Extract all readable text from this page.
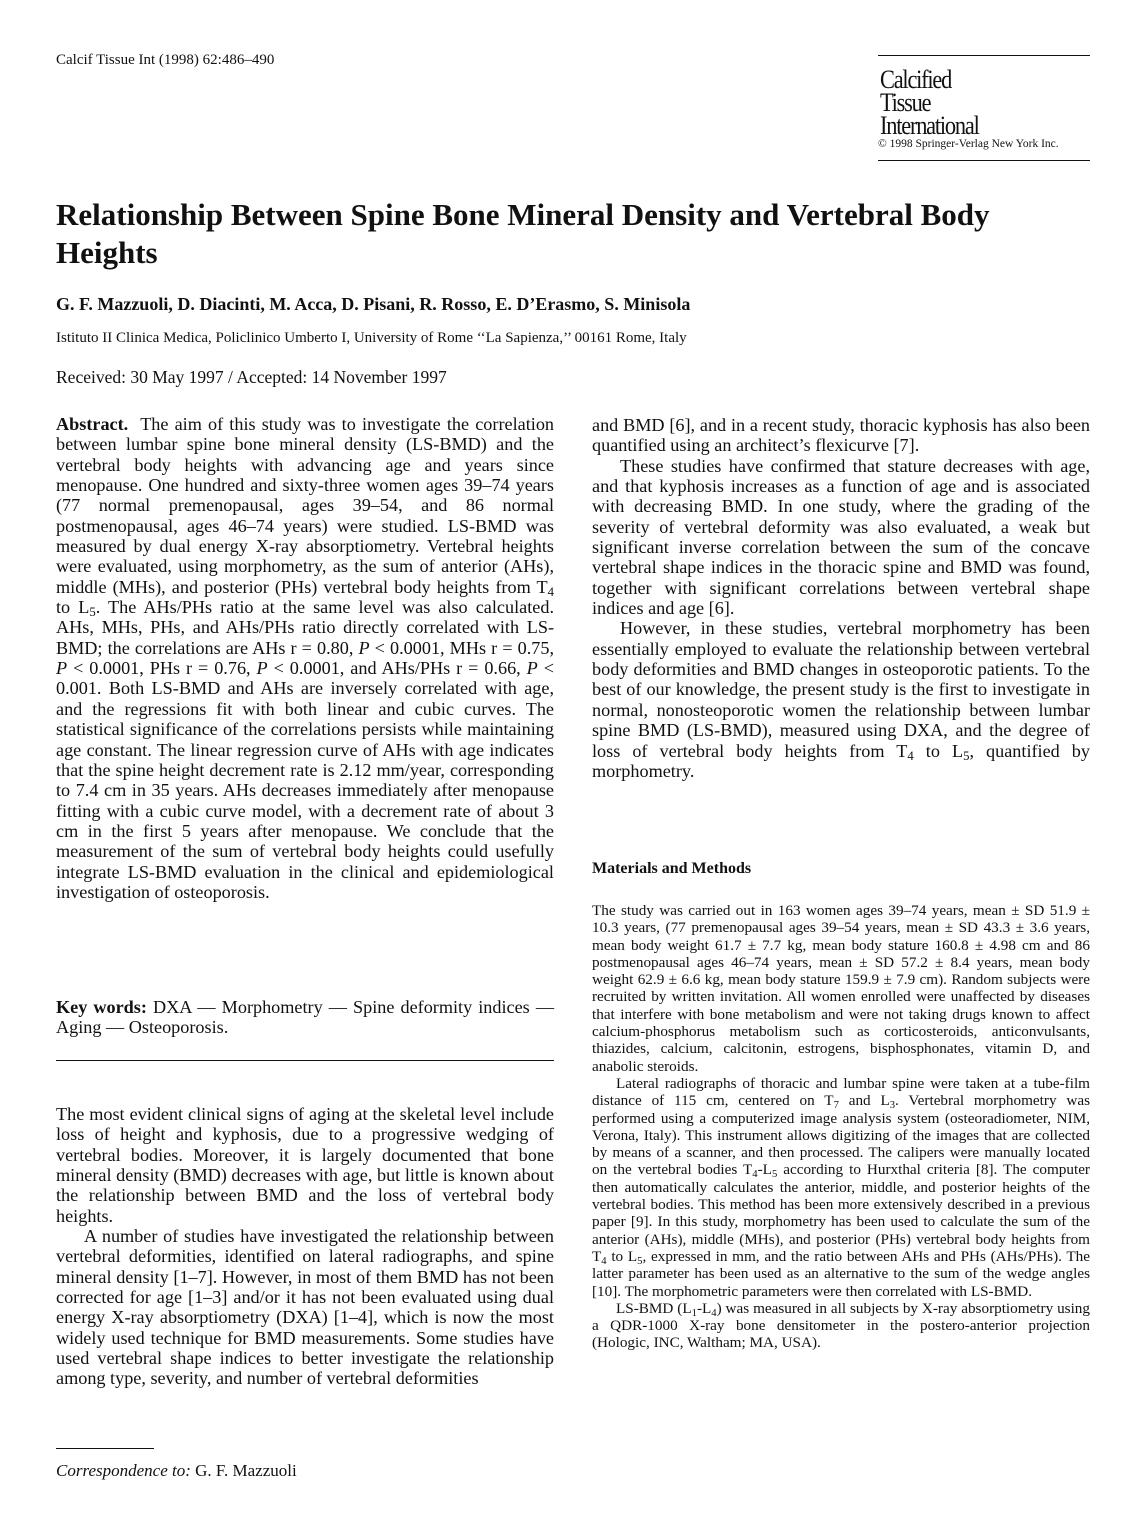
Calcif Tissue Int (1998) 62:486–490
Calcified
Tissue
International
© 1998 Springer-Verlag New York Inc.
Relationship Between Spine Bone Mineral Density and Vertebral Body Heights
G. F. Mazzuoli, D. Diacinti, M. Acca, D. Pisani, R. Rosso, E. D’Erasmo, S. Minisola
Istituto II Clinica Medica, Policlinico Umberto I, University of Rome ‘‘La Sapienza,’’ 00161 Rome, Italy
Received: 30 May 1997 / Accepted: 14 November 1997

Abstract. The aim of this study was to investigate the correlation between lumbar spine bone mineral density (LS-BMD) and the vertebral body heights with advancing age and years since menopause. One hundred and sixty-three women ages 39–74 years (77 normal premenopausal, ages 39–54, and 86 normal postmenopausal, ages 46–74 years) were studied. LS-BMD was measured by dual energy X-ray absorptiometry. Vertebral heights were evaluated, using morphometry, as the sum of anterior (AHs), middle (MHs), and posterior (PHs) vertebral body heights from $T_4$ to $L_5$. The AHs/PHs ratio at the same level was also calculated. AHs, MHs, PHs, and AHs/PHs ratio directly correlated with LS-BMD; the correlations are AHs r = 0.80, P < 0.0001, MHs r = 0.75, P < 0.0001, PHs r = 0.76, P < 0.0001, and AHs/PHs r = 0.66, P < 0.001. Both LS-BMD and AHs are inversely correlated with age, and the regressions fit with both linear and cubic curves. The statistical significance of the correlations persists while maintaining age constant. The linear regression curve of AHs with age indicates that the spine height decrement rate is 2.12 mm/year, corresponding to 7.4 cm in 35 years. AHs decreases immediately after menopause fitting with a cubic curve model, with a decrement rate of about 3 cm in the first 5 years after menopause. We conclude that the measurement of the sum of vertebral body heights could usefully integrate LS-BMD evaluation in the clinical and epidemiological investigation of osteoporosis.

Key words: DXA — Morphometry — Spine deformity indices — Aging — Osteoporosis.

The most evident clinical signs of aging at the skeletal level include loss of height and kyphosis, due to a progressive wedging of vertebral bodies. Moreover, it is largely documented that bone mineral density (BMD) decreases with age, but little is known about the relationship between BMD and the loss of vertebral body heights.

A number of studies have investigated the relationship between vertebral deformities, identified on lateral radiographs, and spine mineral density [1–7]. However, in most of them BMD has not been corrected for age [1–3] and/or it has not been evaluated using dual energy X-ray absorptiometry (DXA) [1–4], which is now the most widely used technique for BMD measurements. Some studies have used vertebral shape indices to better investigate the relationship among type, severity, and number of vertebral deformities

and BMD [6], and in a recent study, thoracic kyphosis has also been quantified using an architect’s flexicurve [7].

These studies have confirmed that stature decreases with age, and that kyphosis increases as a function of age and is associated with decreasing BMD. In one study, where the grading of the severity of vertebral deformity was also evaluated, a weak but significant inverse correlation between the sum of the concave vertebral shape indices in the thoracic spine and BMD was found, together with significant correlations between vertebral shape indices and age [6].

However, in these studies, vertebral morphometry has been essentially employed to evaluate the relationship between vertebral body deformities and BMD changes in osteoporotic patients. To the best of our knowledge, the present study is the first to investigate in normal, nonosteoporotic women the relationship between lumbar spine BMD (LS-BMD), measured using DXA, and the degree of loss of vertebral body heights from $T_4$ to $L_5$, quantified by morphometry.

Materials and Methods

The study was carried out in 163 women ages 39–74 years, mean ± SD 51.9 ± 10.3 years, (77 premenopausal ages 39–54 years, mean ± SD 43.3 ± 3.6 years, mean body weight 61.7 ± 7.7 kg, mean body stature 160.8 ± 4.98 cm and 86 postmenopausal ages 46–74 years, mean ± SD 57.2 ± 8.4 years, mean body weight 62.9 ± 6.6 kg, mean body stature 159.9 ± 7.9 cm). Random subjects were recruited by written invitation. All women enrolled were unaffected by diseases that interfere with bone metabolism and were not taking drugs known to affect calcium-phosphorus metabolism such as corticosteroids, anticonvulsants, thiazides, calcium, calcitonin, estrogens, bisphosphonates, vitamin D, and anabolic steroids.

Lateral radiographs of thoracic and lumbar spine were taken at a tube-film distance of 115 cm, centered on $T_7$ and $L_3$. Vertebral morphometry was performed using a computerized image analysis system (osteoradiometer, NIM, Verona, Italy). This instrument allows digitizing of the images that are collected by means of a scanner, and then processed. The calipers were manually located on the vertebral bodies $T_4-L_5$ according to Hurxthal criteria [8]. The computer then automatically calculates the anterior, middle, and posterior heights of the vertebral bodies. This method has been more extensively described in a previous paper [9]. In this study, morphometry has been used to calculate the sum of the anterior (AHs), middle (MHs), and posterior (PHs) vertebral body heights from $T_4$ to $L_5$, expressed in mm, and the ratio between AHs and PHs (AHs/PHs). The latter parameter has been used as an alternative to the sum of the wedge angles [10]. The morphometric parameters were then correlated with LS-BMD.

LS-BMD $(L_1-L_4)$ was measured in all subjects by X-ray absorptiometry using a QDR-1000 X-ray bone densitometer in the postero-anterior projection (Hologic, INC, Waltham; MA, USA).

Correspondence to: G. F. Mazzuoli
